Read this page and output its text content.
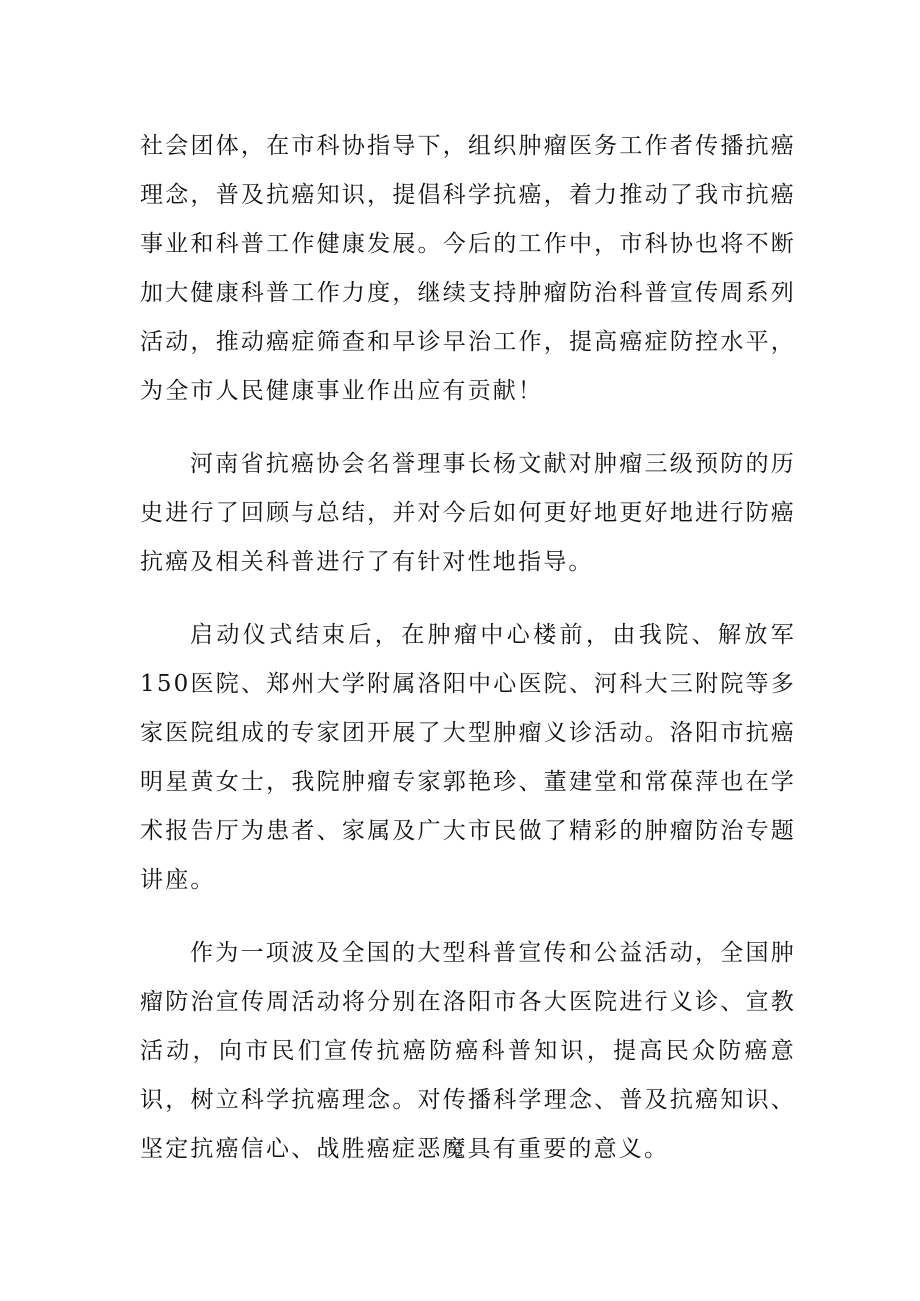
社会团体，在市科协指导下，组织肿瘤医务工作者传播抗癌理念，普及抗癌知识，提倡科学抗癌，着力推动了我市抗癌事业和科普工作健康发展。今后的工作中，市科协也将不断加大健康科普工作力度，继续支持肿瘤防治科普宣传周系列活动，推动癌症筛查和早诊早治工作，提高癌症防控水平，为全市人民健康事业作出应有贡献！

河南省抗癌协会名誉理事长杨文献对肿瘤三级预防的历史进行了回顾与总结，并对今后如何更好地更好地进行防癌抗癌及相关科普进行了有针对性地指导。

启动仪式结束后，在肿瘤中心楼前，由我院、解放军150医院、郑州大学附属洛阳中心医院、河科大三附院等多家医院组成的专家团开展了大型肿瘤义诊活动。洛阳市抗癌明星黄女士，我院肿瘤专家郭艳珍、董建堂和常葆萍也在学术报告厅为患者、家属及广大市民做了精彩的肿瘤防治专题讲座。

作为一项波及全国的大型科普宣传和公益活动，全国肿瘤防治宣传周活动将分别在洛阳市各大医院进行义诊、宣教活动，向市民们宣传抗癌防癌科普知识，提高民众防癌意识，树立科学抗癌理念。对传播科学理念、普及抗癌知识、坚定抗癌信心、战胜癌症恶魔具有重要的意义。
